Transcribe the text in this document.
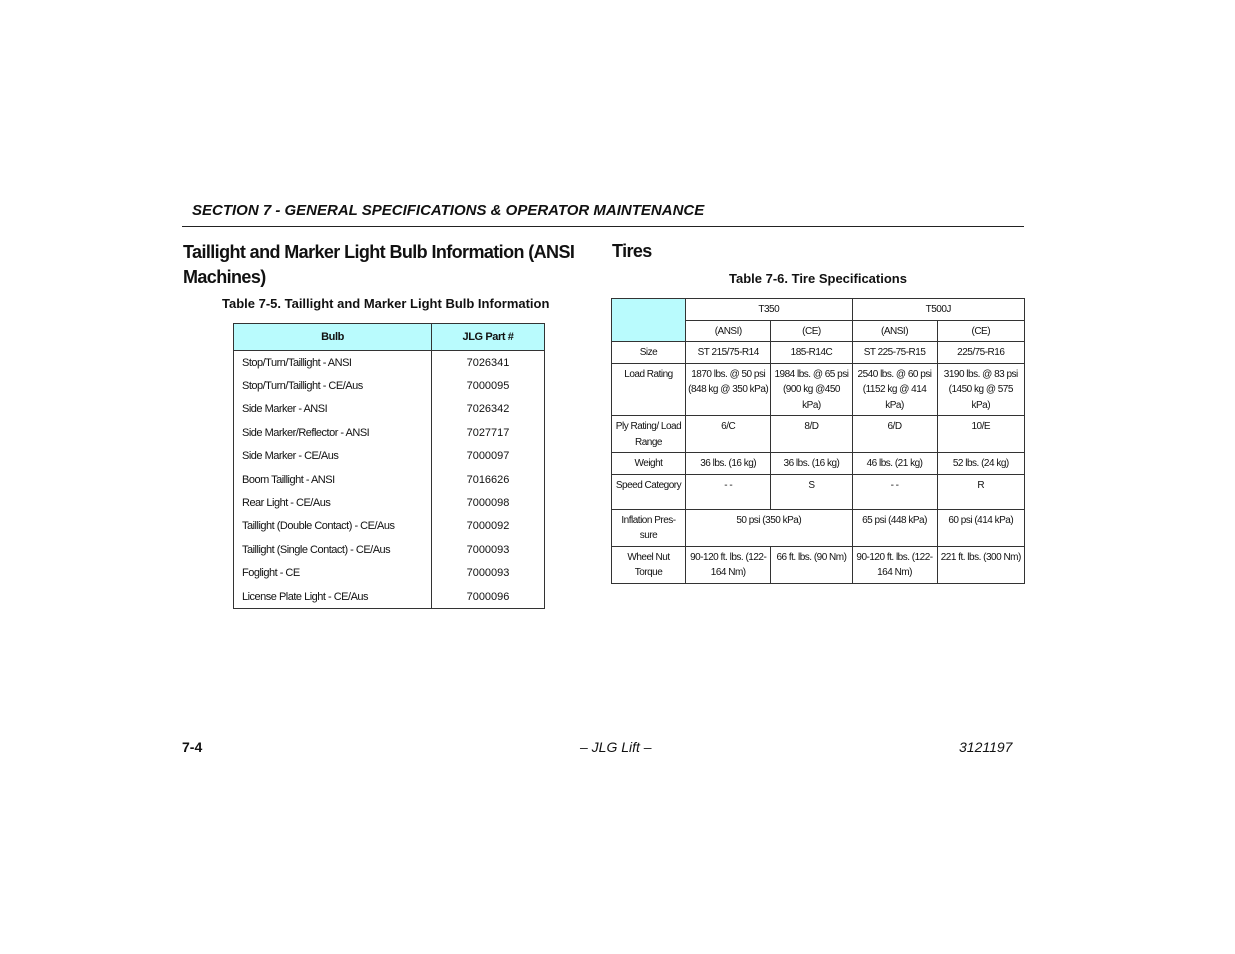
SECTION 7 - GENERAL SPECIFICATIONS & OPERATOR MAINTENANCE
Taillight and Marker Light Bulb Information (ANSI Machines)
Table 7-5. Taillight and Marker Light Bulb Information
Bulb	JLG Part #
Stop/Turn/Taillight - ANSI	7026341
Stop/Turn/Taillight - CE/Aus	7000095
Side Marker - ANSI	7026342
Side Marker/Reflector - ANSI	7027717
Side Marker - CE/Aus	7000097
Boom Taillight - ANSI	7016626
Rear Light - CE/Aus	7000098
Taillight (Double Contact) - CE/Aus	7000092
Taillight (Single Contact) - CE/Aus	7000093
Foglight - CE	7000093
License Plate Light - CE/Aus	7000096
Tires
Table 7-6. Tire Specifications
	T350		T500J	
	(ANSI)	(CE)	(ANSI)	(CE)
Size	ST 215/75-R14	185-R14C	ST 225-75-R15	225/75-R16
Load Rating	1870 lbs. @ 50 psi (848 kg @ 350 kPa)	1984 lbs. @ 65 psi (900 kg @450 kPa)	2540 lbs. @ 60 psi (1152 kg @ 414 kPa)	3190 lbs. @ 83 psi (1450 kg @ 575 kPa)
Ply Rating/ Load Range	6/C	8/D	6/D	10/E
Weight	36 lbs. (16 kg)	36 lbs. (16 kg)	46 lbs. (21 kg)	52 lbs. (24 kg)
Speed Category	- -	S	- -	R
Inflation Pres-sure	50 psi (350 kPa)		65 psi (448 kPa)	60 psi (414 kPa)
Wheel Nut Torque	90-120 ft. lbs. (122-164 Nm)	66 ft. lbs. (90 Nm)	90-120 ft. lbs. (122-164 Nm)	221 ft. lbs. (300 Nm)
7-4	– JLG Lift –	3121197
